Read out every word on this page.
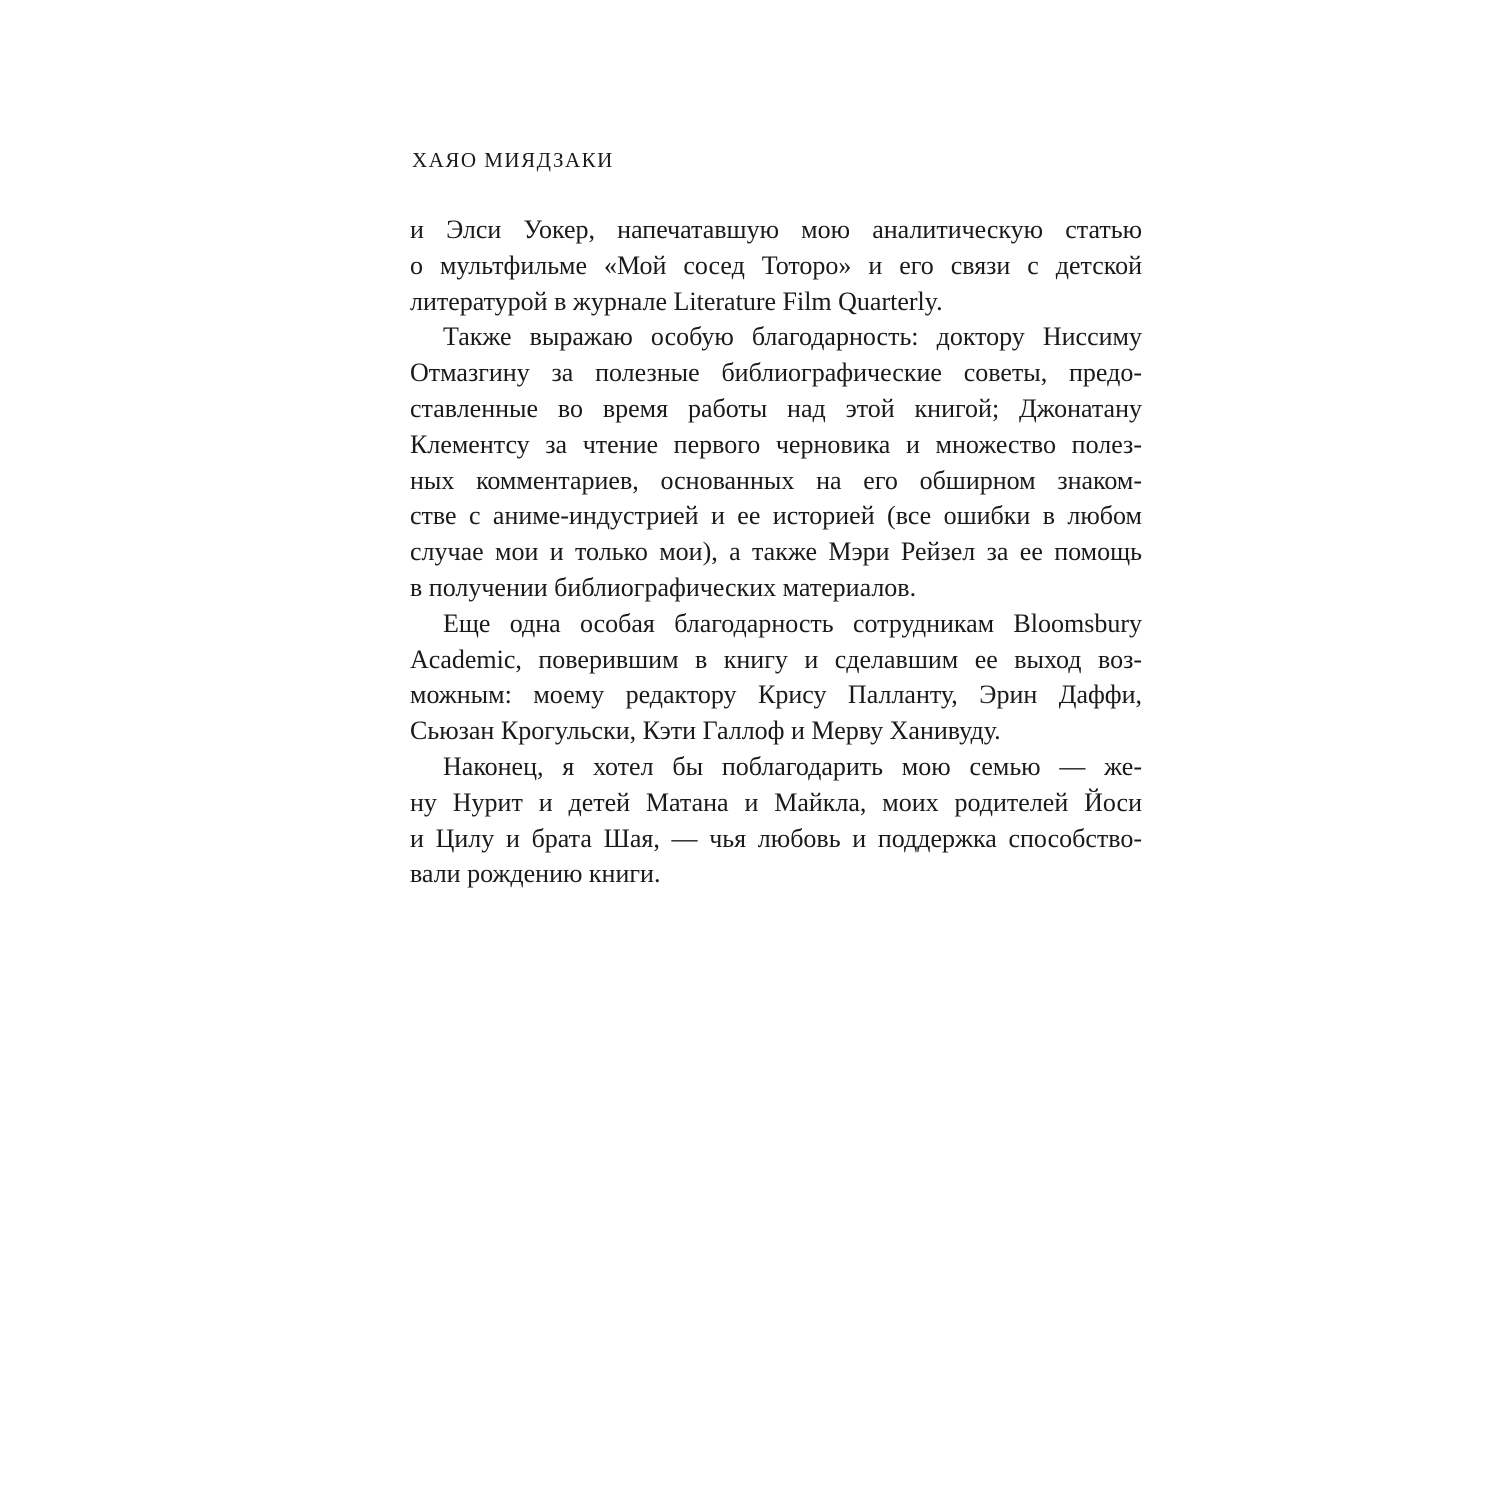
ХАЯО МИЯДЗАКИ
и Элси Уокер, напечатавшую мою аналитическую статью
о мультфильме «Мой сосед Тоторо» и его связи с детской
литературой в журнале Literature Film Quarterly.
Также выражаю особую благодарность: доктору Ниссиму
Отмазгину за полезные библиографические советы, предо-
ставленные во время работы над этой книгой; Джонатану
Клементсу за чтение первого черновика и множество полез-
ных комментариев, основанных на его обширном знаком-
стве с аниме-индустрией и ее историей (все ошибки в любом
случае мои и только мои), а также Мэри Рейзел за ее помощь
в получении библиографических материалов.
Еще одна особая благодарность сотрудникам Bloomsbury
Academic, поверившим в книгу и сделавшим ее выход воз-
можным: моему редактору Крису Палланту, Эрин Даффи,
Сьюзан Крогульски, Кэти Галлоф и Мерву Ханивуду.
Наконец, я хотел бы поблагодарить мою семью — же-
ну Нурит и детей Матана и Майкла, моих родителей Йоси
и Цилу и брата Шая, — чья любовь и поддержка способство-
вали рождению книги.
